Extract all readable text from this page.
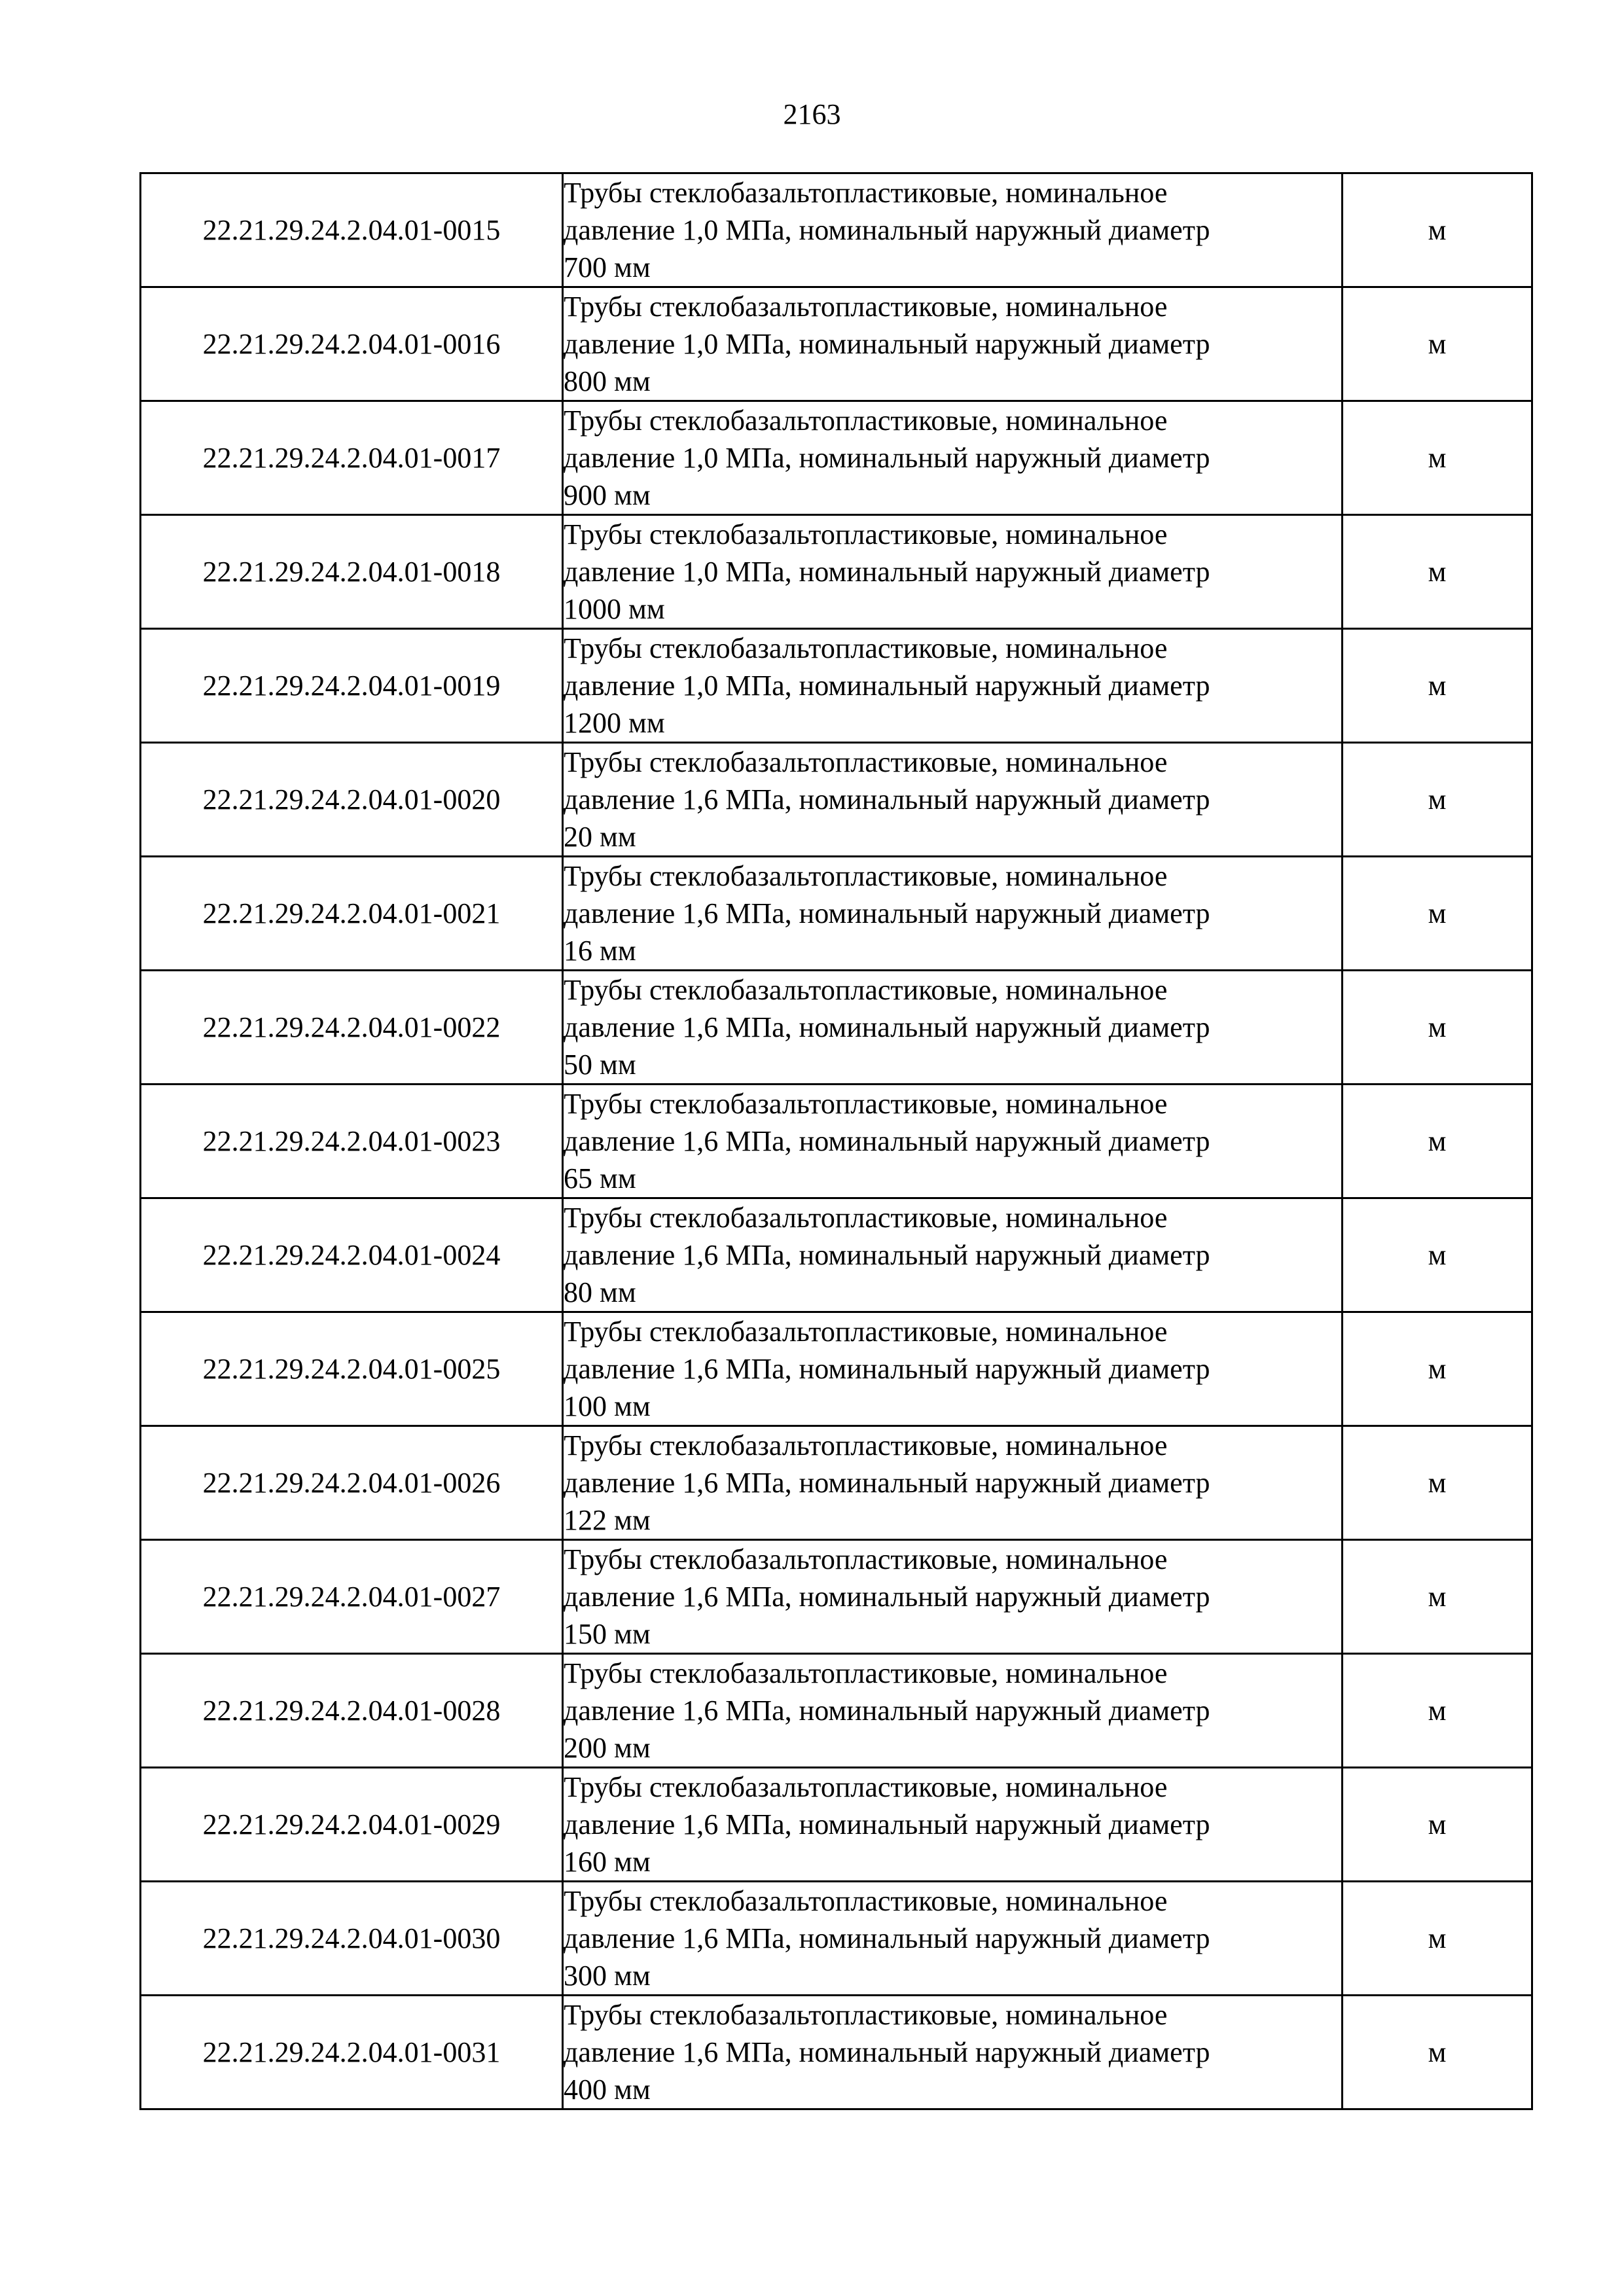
2163
22.21.29.24.2.04.01-0015	Трубы стеклобазальтопластиковые, номинальное
давление 1,0 МПа, номинальный наружный диаметр
700 мм	м
22.21.29.24.2.04.01-0016	Трубы стеклобазальтопластиковые, номинальное
давление 1,0 МПа, номинальный наружный диаметр
800 мм	м
22.21.29.24.2.04.01-0017	Трубы стеклобазальтопластиковые, номинальное
давление 1,0 МПа, номинальный наружный диаметр
900 мм	м
22.21.29.24.2.04.01-0018	Трубы стеклобазальтопластиковые, номинальное
давление 1,0 МПа, номинальный наружный диаметр
1000 мм	м
22.21.29.24.2.04.01-0019	Трубы стеклобазальтопластиковые, номинальное
давление 1,0 МПа, номинальный наружный диаметр
1200 мм	м
22.21.29.24.2.04.01-0020	Трубы стеклобазальтопластиковые, номинальное
давление 1,6 МПа, номинальный наружный диаметр
20 мм	м
22.21.29.24.2.04.01-0021	Трубы стеклобазальтопластиковые, номинальное
давление 1,6 МПа, номинальный наружный диаметр
16 мм	м
22.21.29.24.2.04.01-0022	Трубы стеклобазальтопластиковые, номинальное
давление 1,6 МПа, номинальный наружный диаметр
50 мм	м
22.21.29.24.2.04.01-0023	Трубы стеклобазальтопластиковые, номинальное
давление 1,6 МПа, номинальный наружный диаметр
65 мм	м
22.21.29.24.2.04.01-0024	Трубы стеклобазальтопластиковые, номинальное
давление 1,6 МПа, номинальный наружный диаметр
80 мм	м
22.21.29.24.2.04.01-0025	Трубы стеклобазальтопластиковые, номинальное
давление 1,6 МПа, номинальный наружный диаметр
100 мм	м
22.21.29.24.2.04.01-0026	Трубы стеклобазальтопластиковые, номинальное
давление 1,6 МПа, номинальный наружный диаметр
122 мм	м
22.21.29.24.2.04.01-0027	Трубы стеклобазальтопластиковые, номинальное
давление 1,6 МПа, номинальный наружный диаметр
150 мм	м
22.21.29.24.2.04.01-0028	Трубы стеклобазальтопластиковые, номинальное
давление 1,6 МПа, номинальный наружный диаметр
200 мм	м
22.21.29.24.2.04.01-0029	Трубы стеклобазальтопластиковые, номинальное
давление 1,6 МПа, номинальный наружный диаметр
160 мм	м
22.21.29.24.2.04.01-0030	Трубы стеклобазальтопластиковые, номинальное
давление 1,6 МПа, номинальный наружный диаметр
300 мм	м
22.21.29.24.2.04.01-0031	Трубы стеклобазальтопластиковые, номинальное
давление 1,6 МПа, номинальный наружный диаметр
400 мм	м
